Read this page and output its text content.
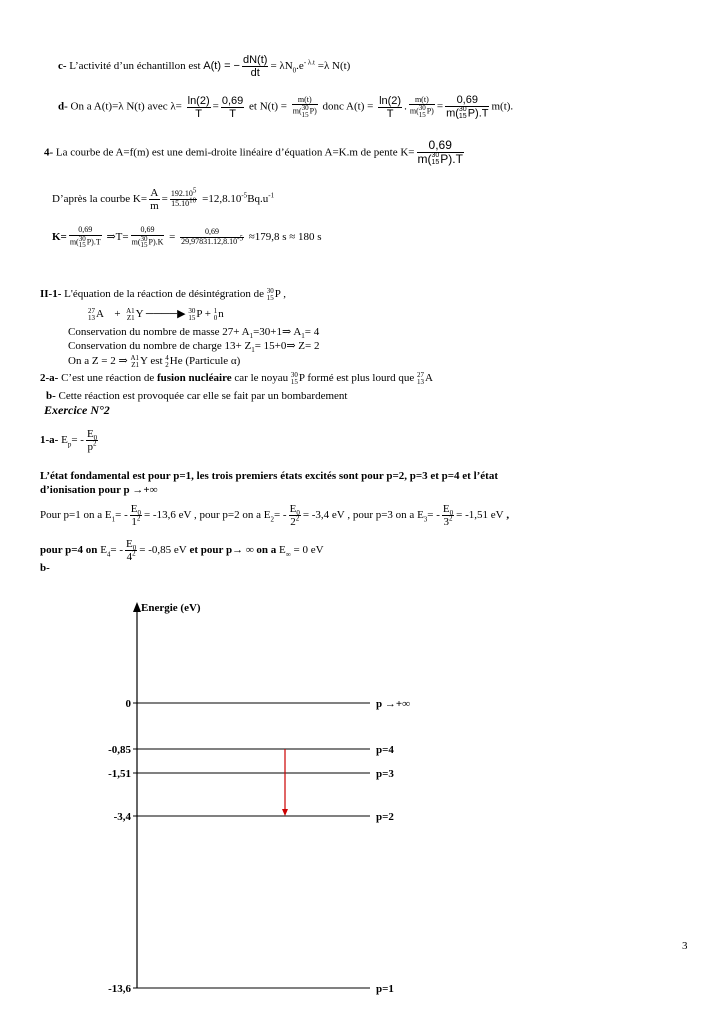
c- L’activité d’un échantillon est A(t) = − $\frac{dN(t)}{dt} = \lambda N_0.e^{- \lambda.t} =\lambda$ N(t)
d- On a A(t)=λ N(t) avec $\lambda= \frac{\ln(2)}{T} = \frac{0,69}{T}$ et N(t) =
m(t)
m(30
15P) donc $A(t) = \frac{\ln(2)}{T}$ .
m(t)
m(30
15P) =
0,69
m(30
15P).T
m(t).
4- La courbe de A=f(m) est une demi-droite linéaire d’équation A=K.m de pente K=
0,69
m(30
15P).T
D’après la courbe $K= \frac{A}{m} = \frac{192.10^5}{15.10^{10}} =12,8.10^{-5}Bq.u^{-1}$
K=
0,69
m(30
15P).T ⇒T=
0,69
m(30
$15P).K = \frac{0,69}{29,97831.12,8.10^{-5}} \approx 179,8$ s ≈ 180 s
II-1- L'équation de la réaction de désintégration de 30
15P ,
27
13A + A1
Z1Y ────▶ 30
15P + 1
0n
Conservation du nombre de masse $27+ A_1=30+1\Rightarrow$ $A_1= 4$
Conservation du nombre de charge $13+ Z_1=$ 15+0⇒ Z= 2
On a Z = 2 ⇒ A1
Z1Y est 4
2He (Particule α)
2-a- C’est une réaction de fusion nucléaire car le noyau 30
15P formé est plus lourd que 27
13A
b- Cette réaction est provoquée car elle se fait par un bombardement
Exercice N°2
1-a- $E_p= - \frac{E_0}{p^2}$
L’état fondamental est pour p=1, les trois premiers états excités sont pour p=2, p=3 et p=4 et l’état
d’ionisation pour p →+∞
Pour p=1 on a $E_1= - \frac{E_0}{1^2} = -13,6$ eV , pour p=2 on a $E_2= - \frac{E_0}{2^2} = -3,4$ eV , pour p=3 on a $E_3= - \frac{E_0}{3^2} = -1,51$ eV ,
pour p=4 on $E_4= - \frac{E_0}{4^2} = -0,85$ eV et pour p→ ∞ on a $E_\infty = 0$ eV
b-
Energie (eV)
0	p →+∞
-0,85	p=4
-1,51	p=3
-3,4	p=2
-13,6	p=1
3
